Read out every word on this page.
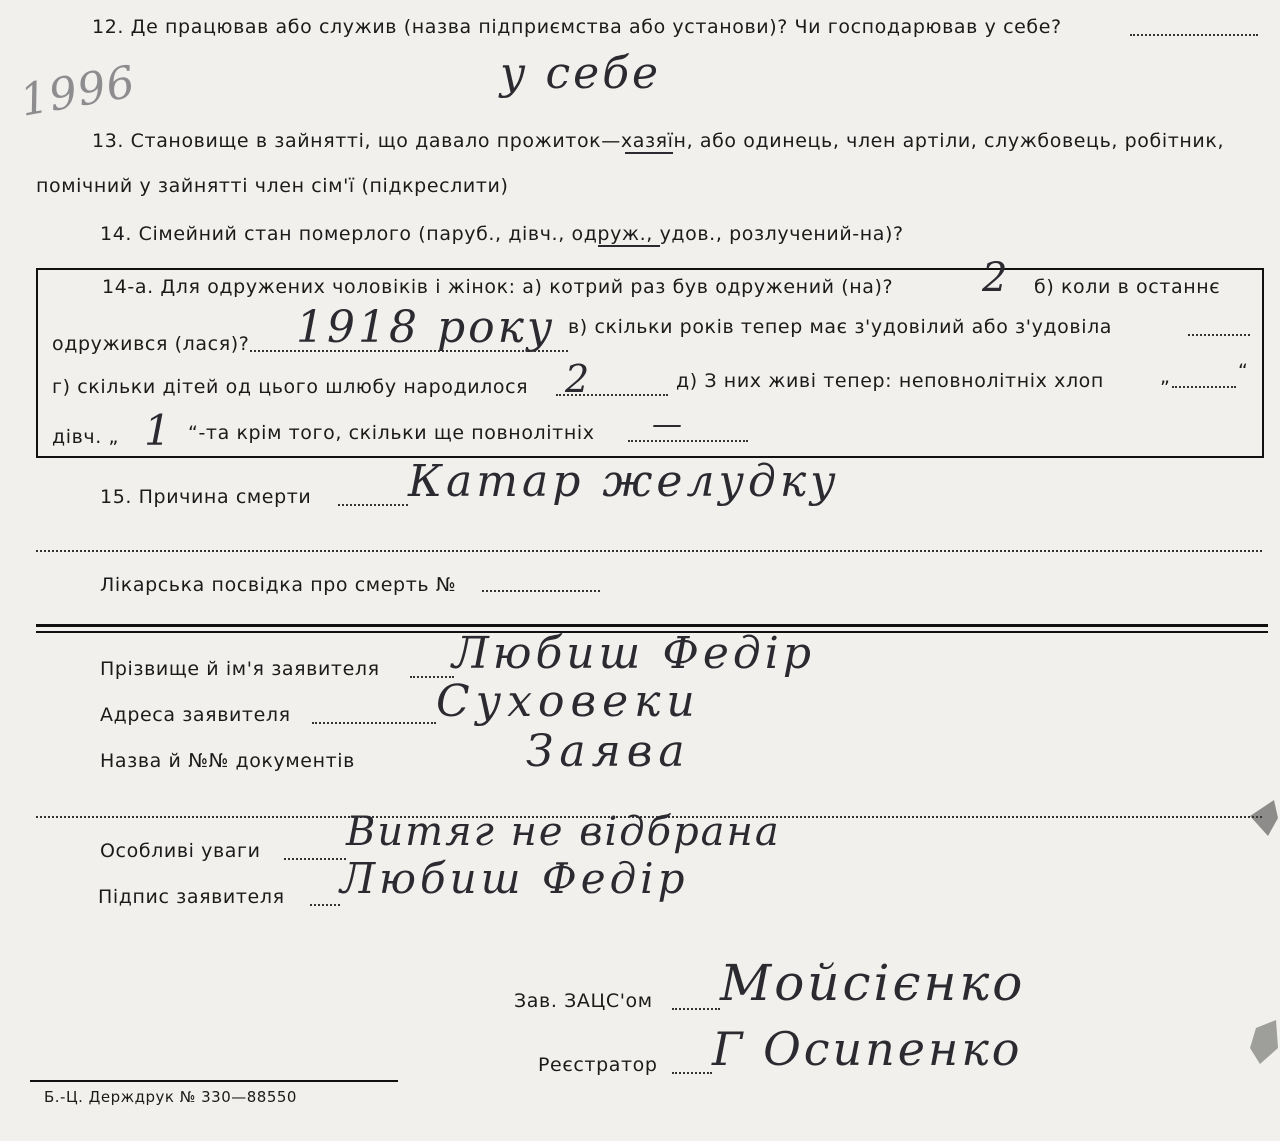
1996
12. Де працював або служив (назва підприємства або установи)? Чи господарював у себе?
у себе
13. Становище в зайнятті, що давало прожиток—хазяїн, або одинець, член артіли, службовець, робітник,
помічний у зайнятті член сім'ї (підкреслити)
14. Сімейний стан померлого (паруб., дівч., одруж., удов., розлучений-на)?
14-а. Для одружених чоловіків і жінок: а) котрий раз був одружений (на)? 2 б) коли в останнє
одружився (лася)? 1918 року в) скільки років тепер має з'удовілий або з'удовіла
г) скільки дітей од цього шлюбу народилося 2	д) З них живі тепер: неповнолітніх хлоп	„	“
дівч. „ 1 “-та крім того, скільки ще повнолітніх —
15. Причина смерти Катар желудку
Лікарська посвідка про смерть №
Прізвище й ім'я заявителя Любиш Федір
Адреса заявителя	Суховеки
Назва й №№ документів	Заява
Особливі уваги Витяг не відбрана
Підпис заявителя Любиш Федір
Зав. ЗАЦС'ом Мойсієнко
Реєстратор Г Осипенко
Б.-Ц. Держдрук № 330—88550
